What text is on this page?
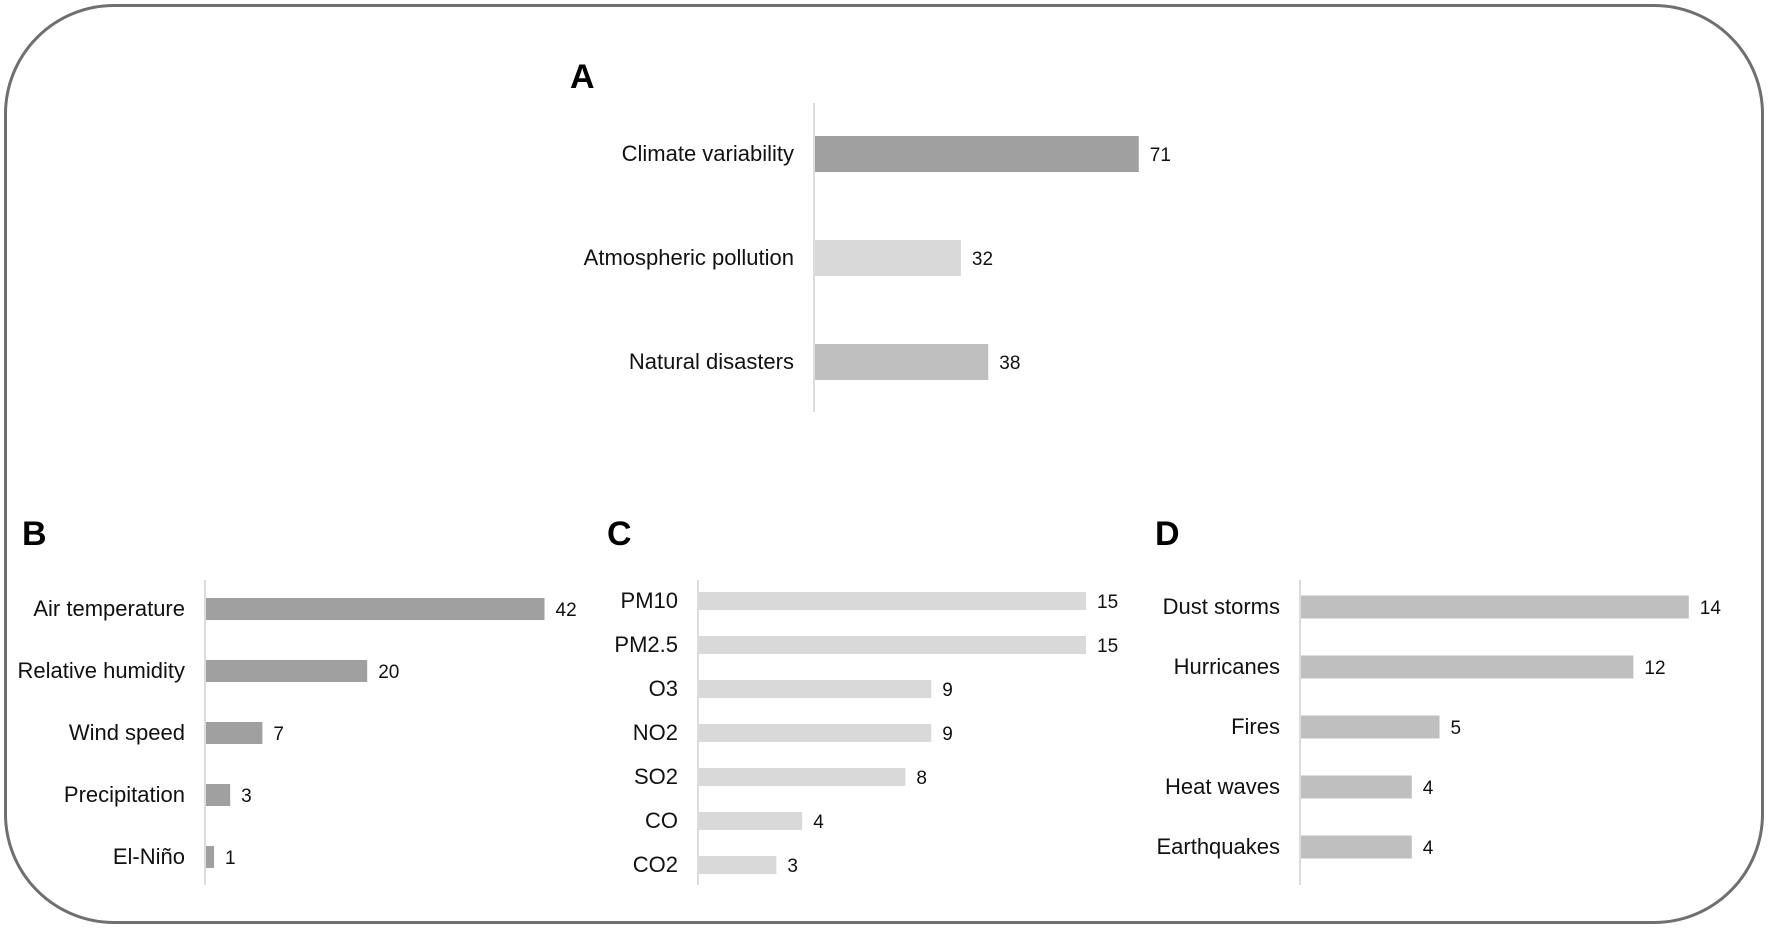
A
B	C	D
Climate variability	71
Atmospheric pollution	32
Natural disasters	38
Air temperature	42
Relative humidity	20
Wind speed	7
Precipitation	3
El-Niño 1
PM10	15
PM2.5	15
O3	9
NO2	9
SO2	8
CO	4
CO2	3
Dust storms	14
Hurricanes	12
Fires	5
Heat waves	4
Earthquakes	4
